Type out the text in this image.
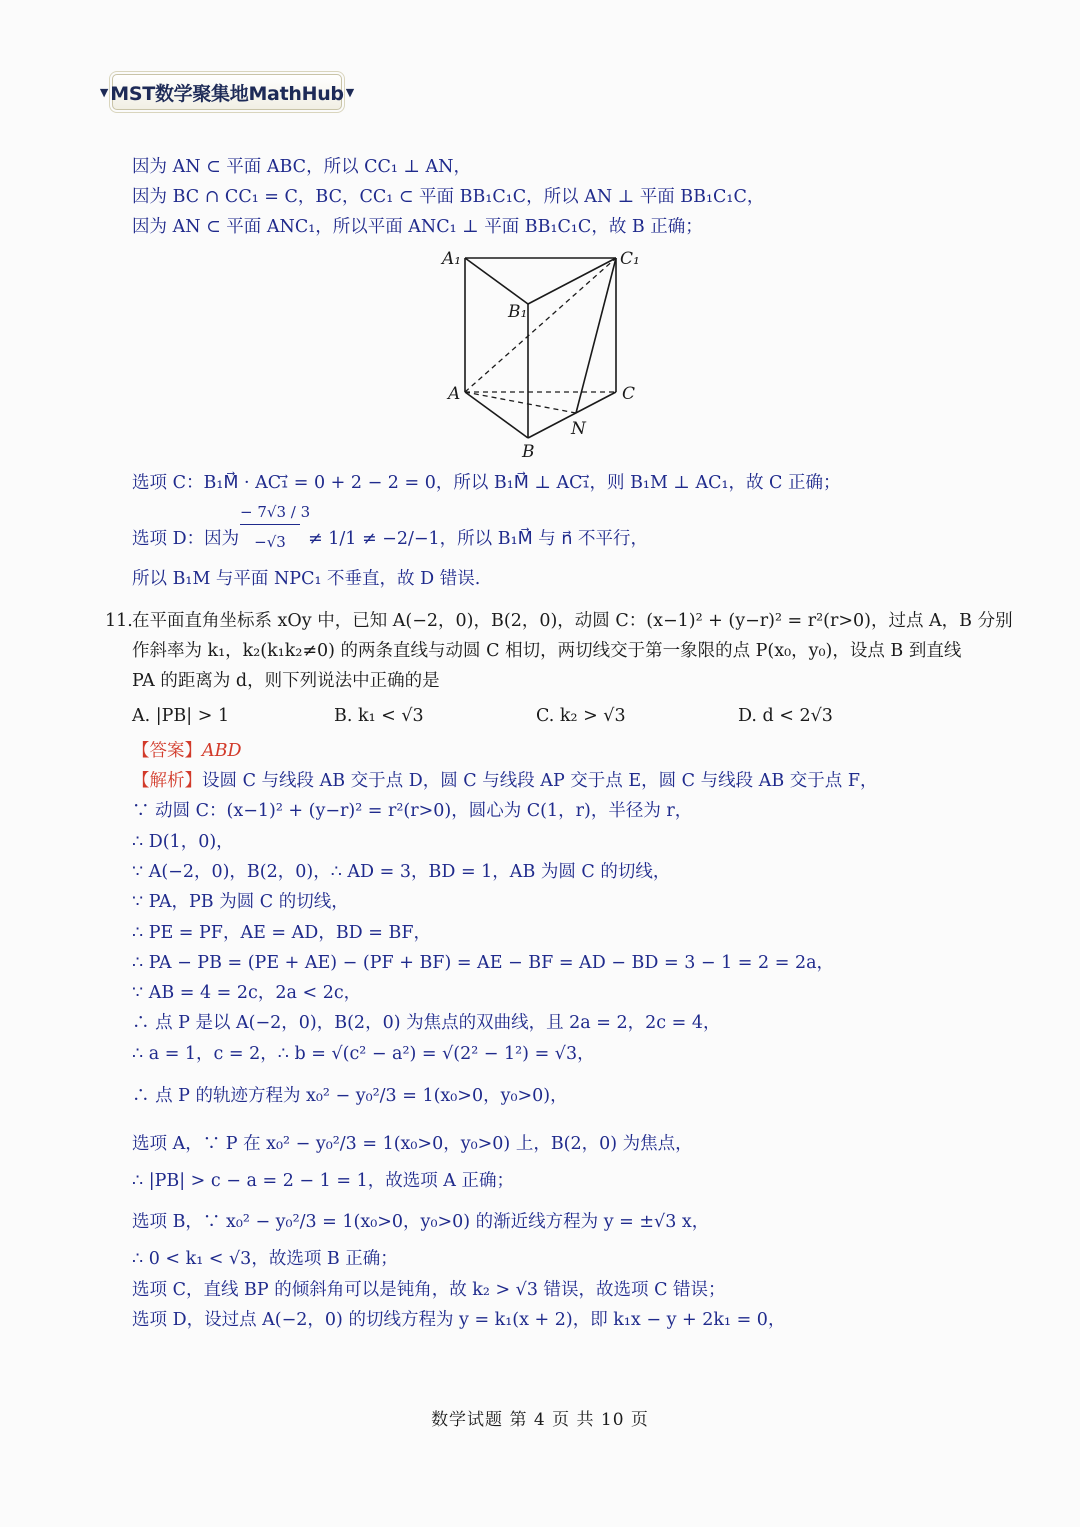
▼ MST数学聚集地MathHub ▼
因为 AN ⊂ 平面 ABC，所以 CC₁ ⊥ AN，
因为 BC ∩ CC₁ = C，BC，CC₁ ⊂ 平面 BB₁C₁C，所以 AN ⊥ 平面 BB₁C₁C，
因为 AN ⊂ 平面 ANC₁，所以平面 ANC₁ ⊥ 平面 BB₁C₁C，故 B 正确；
A₁	C₁
B₁
A	C
N
B
选项 C：B₁M⃗ · AC₁⃗ = 0 + 2 − 2 = 0，所以 B₁M⃗ ⊥ AC₁⃗，则 B₁M ⊥ AC₁，故 C 正确；
选项 D：因为
− 7√3 / 3
−√3	≠ 1/1 ≠ −2/−1，所以 B₁M⃗ 与 n⃗ 不平行，
所以 B₁M 与平面 NPC₁ 不垂直，故 D 错误.
11. 在平面直角坐标系 xOy 中，已知 A(−2，0)，B(2，0)，动圆 C：(x−1)² + (y−r)² = r²(r>0)，过点 A，B 分别
作斜率为 k₁，k₂(k₁k₂≠0) 的两条直线与动圆 C 相切，两切线交于第一象限的点 P(x₀，y₀)，设点 B 到直线
PA 的距离为 d，则下列说法中正确的是
A. |PB| > 1	B. k₁ < √3	C. k₂ > √3	D. d < 2√3
【答案】ABD
【解析】设圆 C 与线段 AB 交于点 D，圆 C 与线段 AP 交于点 E，圆 C 与线段 AB 交于点 F，
∵ 动圆 C：(x−1)² + (y−r)² = r²(r>0)，圆心为 C(1，r)，半径为 r，
∴ D(1，0)，
∵ A(−2，0)，B(2，0)，∴ AD = 3，BD = 1，AB 为圆 C 的切线，
∵ PA，PB 为圆 C 的切线，
∴ PE = PF，AE = AD，BD = BF，
∴ PA − PB = (PE + AE) − (PF + BF) = AE − BF = AD − BD = 3 − 1 = 2 = 2a，
∵ AB = 4 = 2c，2a < 2c，
∴ 点 P 是以 A(−2，0)，B(2，0) 为焦点的双曲线，且 2a = 2，2c = 4，
∴ a = 1，c = 2，∴ b = √(c² − a²) = √(2² − 1²) = √3，
∴ 点 P 的轨迹方程为 x₀² − y₀²/3 = 1(x₀>0，y₀>0)，
选项 A，∵ P 在 x₀² − y₀²/3 = 1(x₀>0，y₀>0) 上，B(2，0) 为焦点，
∴ |PB| > c − a = 2 − 1 = 1，故选项 A 正确；
选项 B，∵ x₀² − y₀²/3 = 1(x₀>0，y₀>0) 的渐近线方程为 y = ±√3 x，
∴ 0 < k₁ < √3，故选项 B 正确；
选项 C，直线 BP 的倾斜角可以是钝角，故 k₂ > √3 错误，故选项 C 错误；
选项 D，设过点 A(−2，0) 的切线方程为 y = k₁(x + 2)，即 k₁x − y + 2k₁ = 0，
数学试题 第 4 页 共 10 页
